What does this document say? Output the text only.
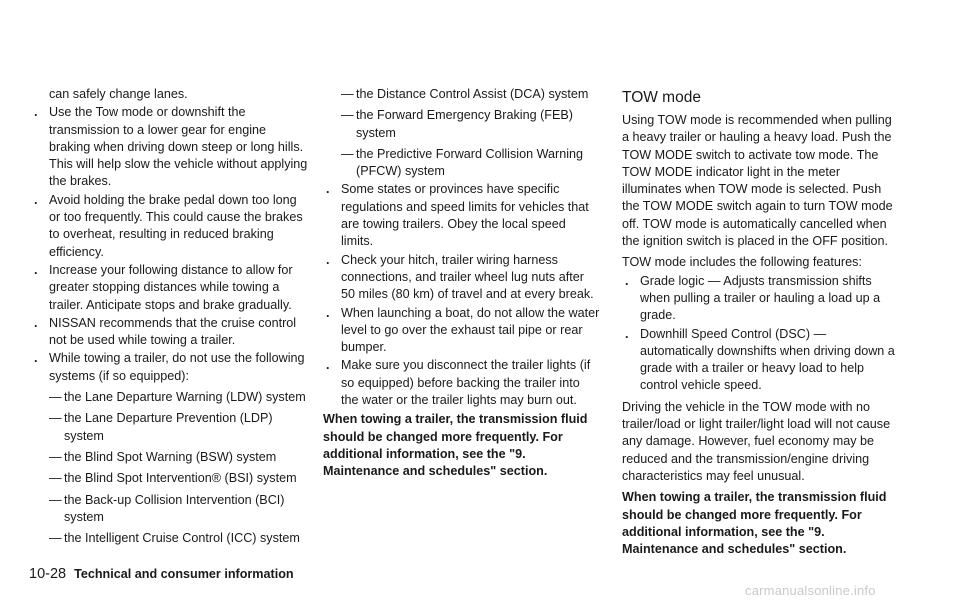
can safely change lanes.

. Use the Tow mode or downshift the transmission to a lower gear for engine braking when driving down steep or long hills. This will help slow the vehicle without applying the brakes.
. Avoid holding the brake pedal down too long or too frequently. This could cause the brakes to overheat, resulting in reduced braking efficiency.
. Increase your following distance to allow for greater stopping distances while towing a trailer. Anticipate stops and brake gradually.
. NISSAN recommends that the cruise control not be used while towing a trailer.
. While towing a trailer, do not use the following systems (if so equipped):
— the Lane Departure Warning (LDW) system
— the Lane Departure Prevention (LDP) system
— the Blind Spot Warning (BSW) system
— the Blind Spot Intervention® (BSI) system
— the Back-up Collision Intervention (BCI) system
— the Intelligent Cruise Control (ICC) system
— the Distance Control Assist (DCA) system
— the Forward Emergency Braking (FEB) system
— the Predictive Forward Collision Warning (PFCW) system
. Some states or provinces have specific regulations and speed limits for vehicles that are towing trailers. Obey the local speed limits.
. Check your hitch, trailer wiring harness connections, and trailer wheel lug nuts after 50 miles (80 km) of travel and at every break.
. When launching a boat, do not allow the water level to go over the exhaust tail pipe or rear bumper.
. Make sure you disconnect the trailer lights (if so equipped) before backing the trailer into the water or the trailer lights may burn out.

When towing a trailer, the transmission fluid should be changed more frequently. For additional information, see the "9. Maintenance and schedules" section.

TOW mode

Using TOW mode is recommended when pulling a heavy trailer or hauling a heavy load. Push the TOW MODE switch to activate tow mode. The TOW MODE indicator light in the meter illuminates when TOW mode is selected. Push the TOW MODE switch again to turn TOW mode off. TOW mode is automatically cancelled when the ignition switch is placed in the OFF position.

TOW mode includes the following features:

. Grade logic — Adjusts transmission shifts when pulling a trailer or hauling a load up a grade.
. Downhill Speed Control (DSC) — automatically downshifts when driving down a grade with a trailer or heavy load to help control vehicle speed.

Driving the vehicle in the TOW mode with no trailer/load or light trailer/light load will not cause any damage. However, fuel economy may be reduced and the transmission/engine driving characteristics may feel unusual.

When towing a trailer, the transmission fluid should be changed more frequently. For additional information, see the "9. Maintenance and schedules" section.

10-28 Technical and consumer information
carmanualsonline.info
